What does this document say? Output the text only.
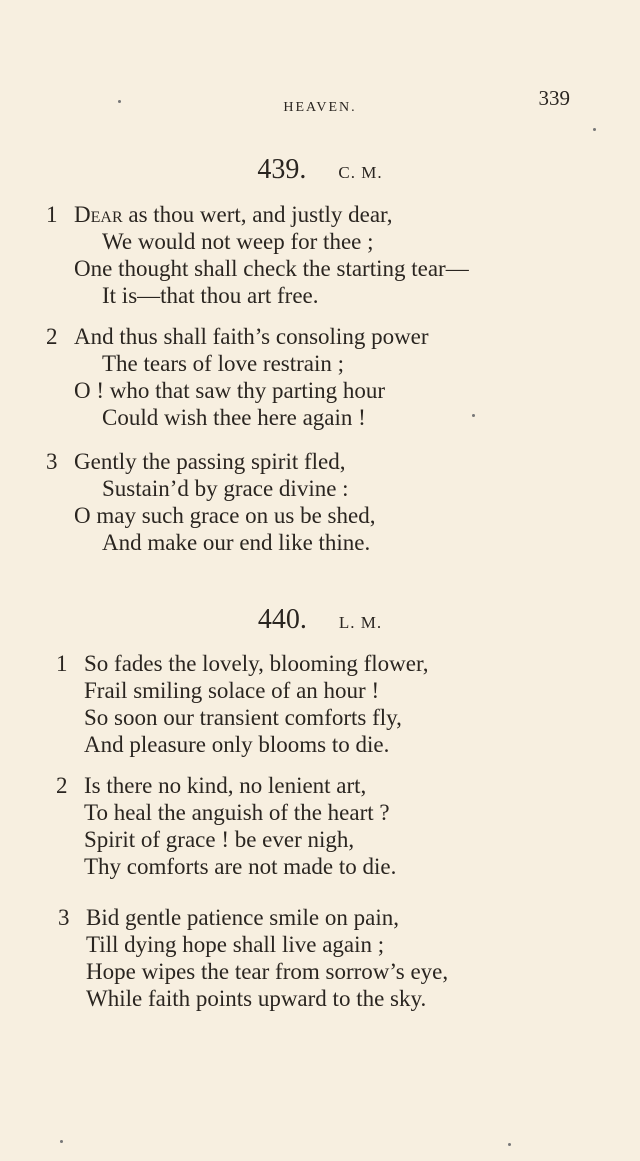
HEAVEN.	339
439. C. M.
1 Dear as thou wert, and justly dear,
We would not weep for thee ;
One thought shall check the starting tear—
It is—that thou art free.
2 And thus shall faith’s consoling power
The tears of love restrain ;
O ! who that saw thy parting hour
Could wish thee here again !
3 Gently the passing spirit fled,
Sustain’d by grace divine :
O may such grace on us be shed,
And make our end like thine.
440. L. M.
1 So fades the lovely, blooming flower,
Frail smiling solace of an hour !
So soon our transient comforts fly,
And pleasure only blooms to die.
2 Is there no kind, no lenient art,
To heal the anguish of the heart ?
Spirit of grace ! be ever nigh,
Thy comforts are not made to die.
3 Bid gentle patience smile on pain,
Till dying hope shall live again ;
Hope wipes the tear from sorrow’s eye,
While faith points upward to the sky.
